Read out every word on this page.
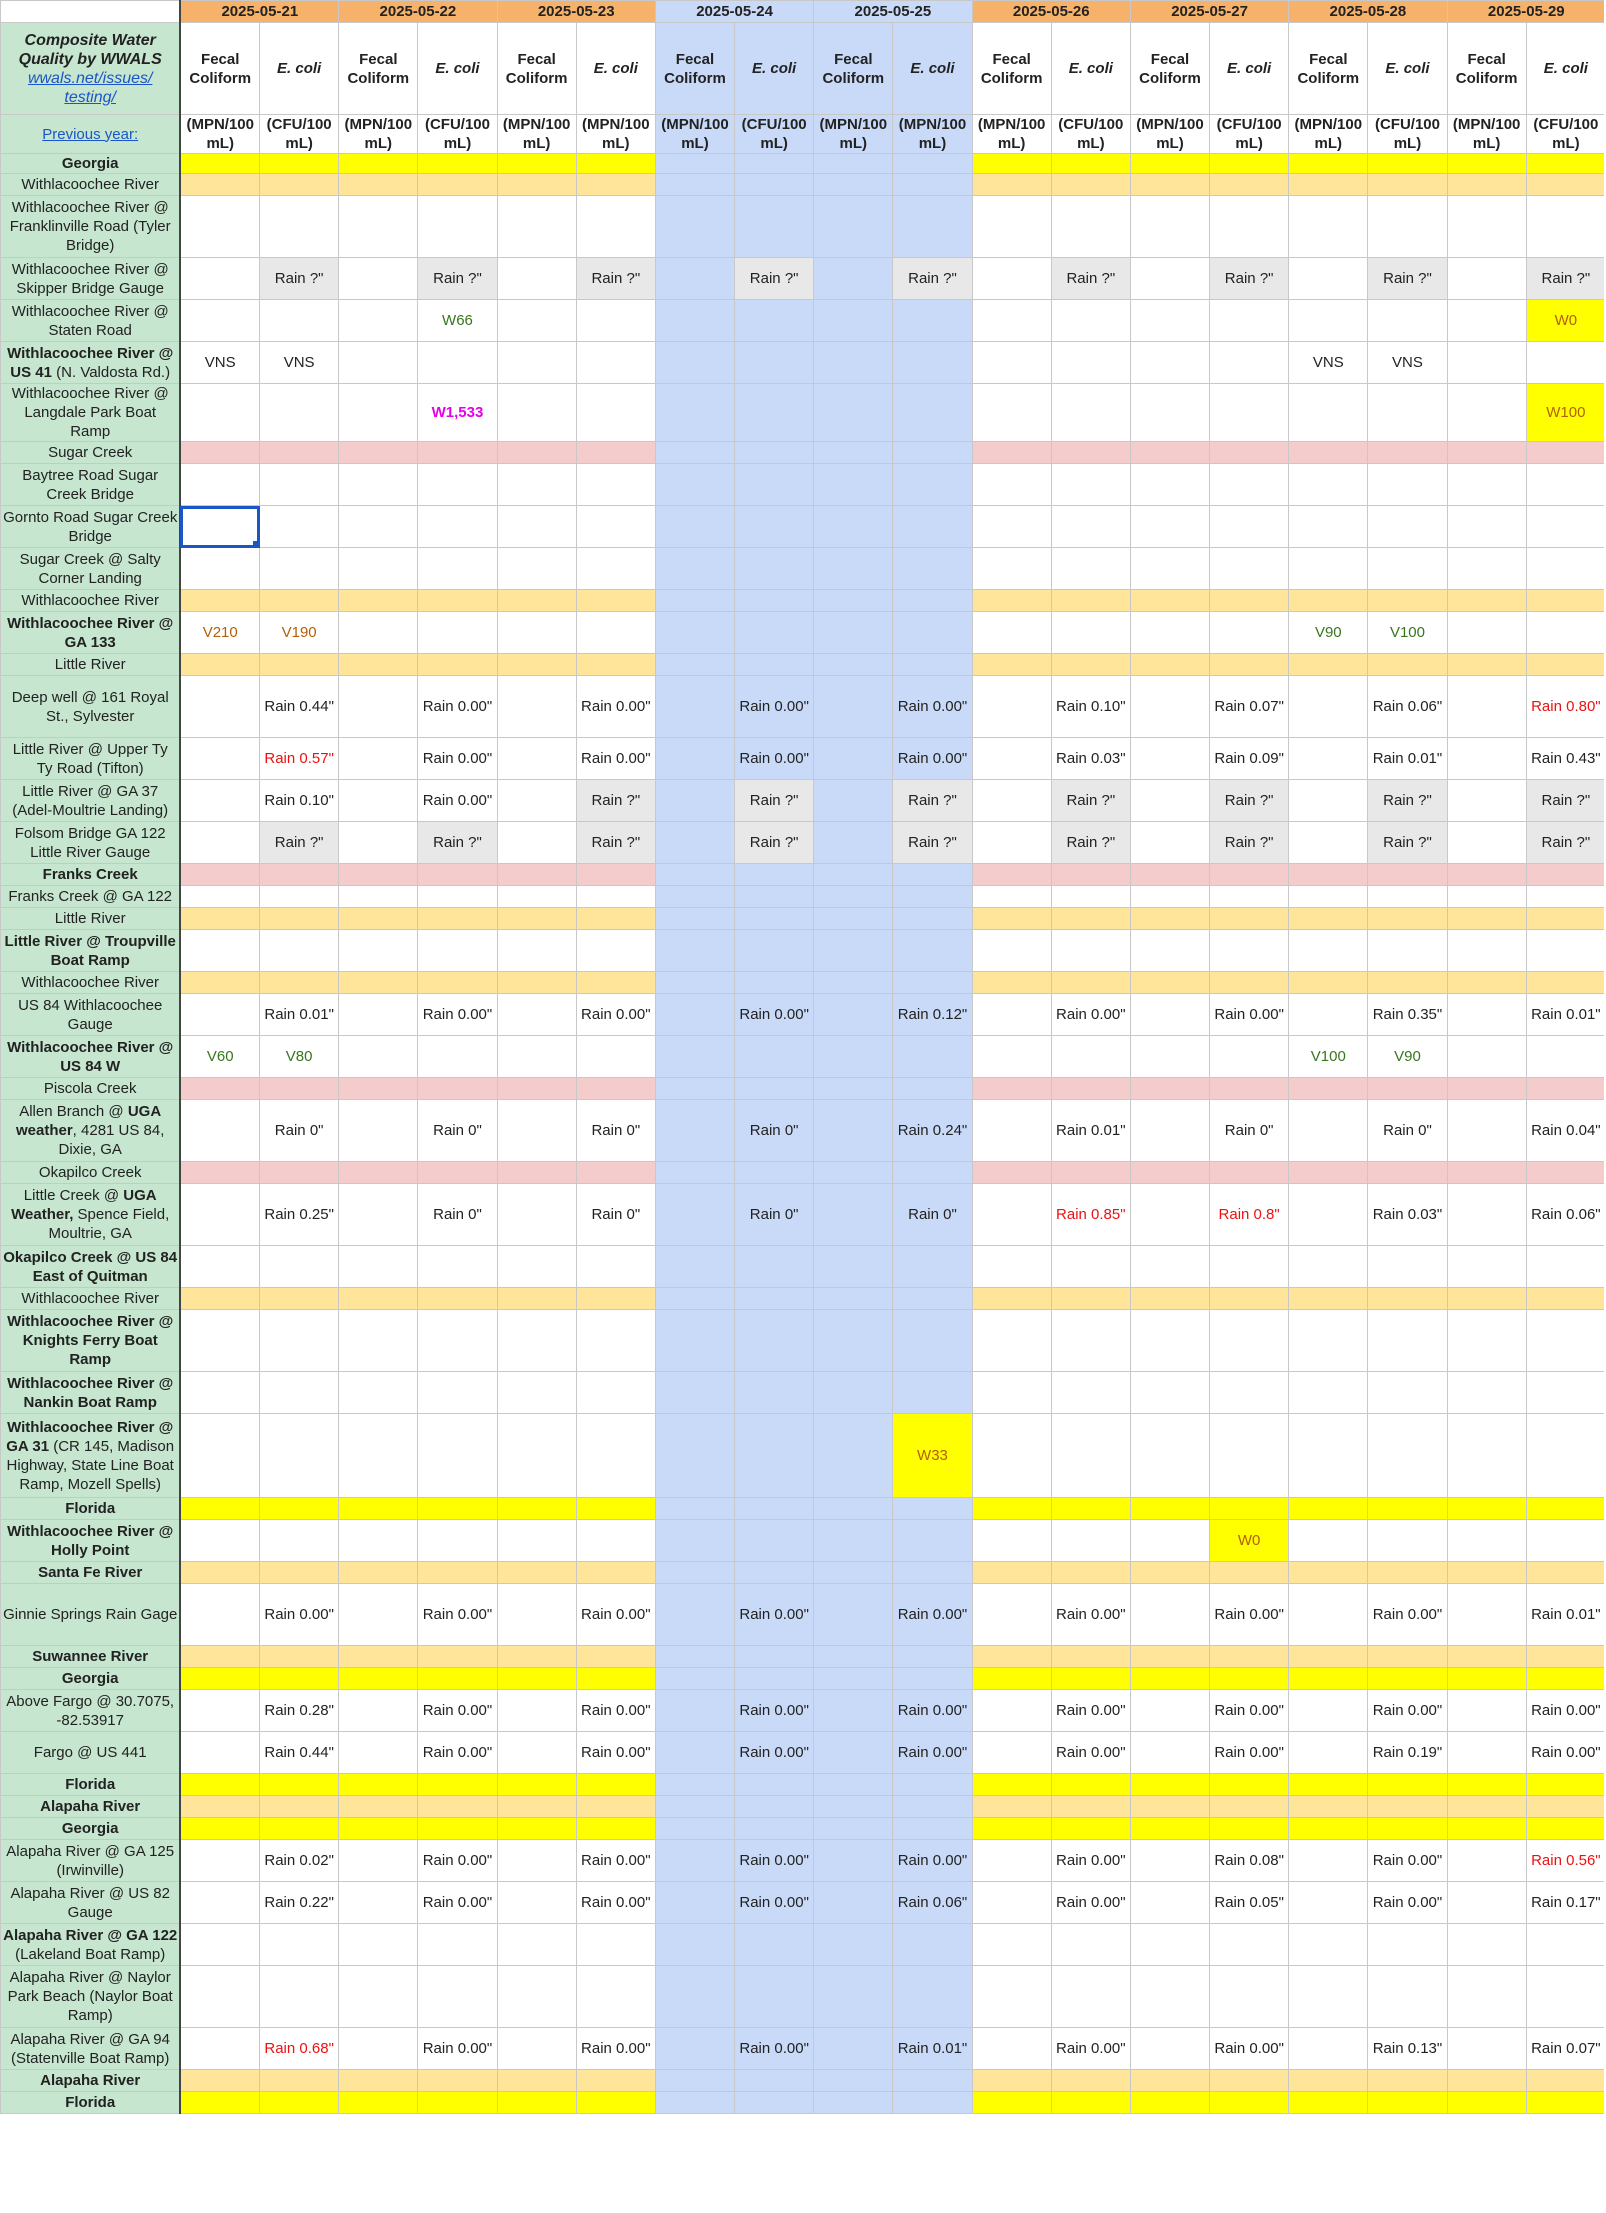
	2025-05-21		2025-05-22		2025-05-23		2025-05-24		2025-05-25		2025-05-26		2025-05-27		2025-05-28		2025-05-29	

Composite Water Quality by WWALS
wwals.net/issues/ testing/	Fecal Coliform	E. coli	Fecal Coliform	E. coli	Fecal Coliform	E. coli	Fecal Coliform	E. coli	Fecal Coliform	E. coli	Fecal Coliform	E. coli	Fecal Coliform	E. coli	Fecal Coliform	E. coli	Fecal Coliform	E. coli
Previous year:	(MPN/100 mL)	(CFU/100 mL)	(MPN/100 mL)	(CFU/100 mL)	(MPN/100 mL)	(MPN/100 mL)	(MPN/100 mL)	(CFU/100 mL)	(MPN/100 mL)	(MPN/100 mL)	(MPN/100 mL)	(CFU/100 mL)	(MPN/100 mL)	(CFU/100 mL)	(MPN/100 mL)	(CFU/100 mL)	(MPN/100 mL)	(CFU/100 mL)
Georgia																		
Withlacoochee River																		
Withlacoochee River @ Franklinville Road (Tyler Bridge)																		
Withlacoochee River @ Skipper Bridge Gauge		Rain ?"		Rain ?"		Rain ?"		Rain ?"		Rain ?"		Rain ?"		Rain ?"		Rain ?"		Rain ?"
Withlacoochee River @ Staten Road				W66														W0
Withlacoochee River @ US 41 (N. Valdosta Rd.)	VNS	VNS													VNS	VNS		
Withlacoochee River @ Langdale Park Boat Ramp				W1,533														W100
Sugar Creek																		
Baytree Road Sugar Creek Bridge																		
Gornto Road Sugar Creek Bridge	

Sugar Creek @ Salty Corner Landing																		
Withlacoochee River																		
Withlacoochee River @ GA 133	V210	V190													V90	V100		
Little River																		
Deep well @ 161 Royal St., Sylvester		Rain 0.44"		Rain 0.00"		Rain 0.00"		Rain 0.00"		Rain 0.00"		Rain 0.10"		Rain 0.07"		Rain 0.06"		Rain 0.80"
Little River @ Upper Ty Ty Road (Tifton)		Rain 0.57"		Rain 0.00"		Rain 0.00"		Rain 0.00"		Rain 0.00"		Rain 0.03"		Rain 0.09"		Rain 0.01"		Rain 0.43"
Little River @ GA 37 (Adel-Moultrie Landing)		Rain 0.10"		Rain 0.00"		Rain ?"		Rain ?"		Rain ?"		Rain ?"		Rain ?"		Rain ?"		Rain ?"
Folsom Bridge GA 122 Little River Gauge		Rain ?"		Rain ?"		Rain ?"		Rain ?"		Rain ?"		Rain ?"		Rain ?"		Rain ?"		Rain ?"
Franks Creek																		
Franks Creek @ GA 122																		
Little River																		
Little River @ Troupville Boat Ramp																		
Withlacoochee River																		
US 84 Withlacoochee Gauge		Rain 0.01"		Rain 0.00"		Rain 0.00"		Rain 0.00"		Rain 0.12"		Rain 0.00"		Rain 0.00"		Rain 0.35"		Rain 0.01"
Withlacoochee River @ US 84 W	V60	V80													V100	V90		
Piscola Creek																		
Allen Branch @ UGA weather, 4281 US 84, Dixie, GA		Rain 0"		Rain 0"		Rain 0"		Rain 0"		Rain 0.24"		Rain 0.01"		Rain 0"		Rain 0"		Rain 0.04"
Okapilco Creek																		
Little Creek @ UGA Weather, Spence Field, Moultrie, GA		Rain 0.25"		Rain 0"		Rain 0"		Rain 0"		Rain 0"		Rain 0.85"		Rain 0.8"		Rain 0.03"		Rain 0.06"
Okapilco Creek @ US 84 East of Quitman																		
Withlacoochee River																		
Withlacoochee River @ Knights Ferry Boat Ramp																		
Withlacoochee River @ Nankin Boat Ramp																		
Withlacoochee River @ GA 31 (CR 145, Madison Highway, State Line Boat Ramp, Mozell Spells)										W33								
Florida																		
Withlacoochee River @ Holly Point														W0				
Santa Fe River																		
Ginnie Springs Rain Gage		Rain 0.00"		Rain 0.00"		Rain 0.00"		Rain 0.00"		Rain 0.00"		Rain 0.00"		Rain 0.00"		Rain 0.00"		Rain 0.01"
Suwannee River																		
Georgia																		
Above Fargo @ 30.7075, -82.53917		Rain 0.28"		Rain 0.00"		Rain 0.00"		Rain 0.00"		Rain 0.00"		Rain 0.00"		Rain 0.00"		Rain 0.00"		Rain 0.00"
Fargo @ US 441		Rain 0.44"		Rain 0.00"		Rain 0.00"		Rain 0.00"		Rain 0.00"		Rain 0.00"		Rain 0.00"		Rain 0.19"		Rain 0.00"
Florida																		
Alapaha River																		
Georgia																		
Alapaha River @ GA 125 (Irwinville)		Rain 0.02"		Rain 0.00"		Rain 0.00"		Rain 0.00"		Rain 0.00"		Rain 0.00"		Rain 0.08"		Rain 0.00"		Rain 0.56"
Alapaha River @ US 82 Gauge		Rain 0.22"		Rain 0.00"		Rain 0.00"		Rain 0.00"		Rain 0.06"		Rain 0.00"		Rain 0.05"		Rain 0.00"		Rain 0.17"
Alapaha River @ GA 122 (Lakeland Boat Ramp)																		
Alapaha River @ Naylor Park Beach (Naylor Boat Ramp)																		
Alapaha River @ GA 94 (Statenville Boat Ramp)		Rain 0.68"		Rain 0.00"		Rain 0.00"		Rain 0.00"		Rain 0.01"		Rain 0.00"		Rain 0.00"		Rain 0.13"		Rain 0.07"
Alapaha River																		
Florida																		
